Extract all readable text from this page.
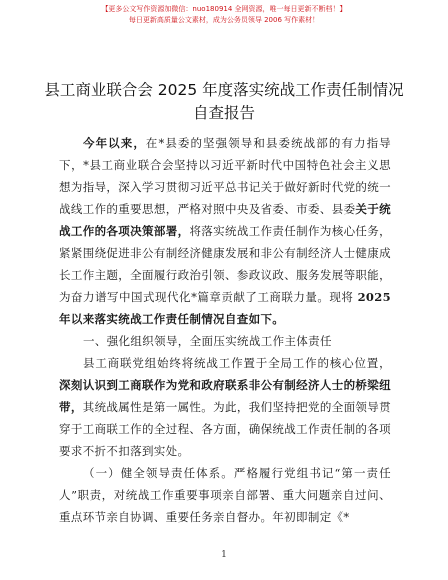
【更多公文写作资源加微信：nuo180914 全网资源，唯一每日更新不断档！】
每日更新高质量公文素材，成为公务员领导 2006 写作素材！
县工商业联合会 2025 年度落实统战工作责任制情况自查报告

今年以来，在*县委的坚强领导和县委统战部的有力指导下，*县工商业联合会坚持以习近平新时代中国特色社会主义思想为指导，深入学习贯彻习近平总书记关于做好新时代党的统一战线工作的重要思想，严格对照中央及省委、市委、县委关于统战工作的各项决策部署，将落实统战工作责任制作为核心任务，紧紧围绕促进非公有制经济健康发展和非公有制经济人士健康成长工作主题，全面履行政治引领、参政议政、服务发展等职能，为奋力谱写中国式现代化*篇章贡献了工商联力量。现将 2025 年以来落实统战工作责任制情况自查如下。

一、强化组织领导，全面压实统战工作主体责任

县工商联党组始终将统战工作置于全局工作的核心位置，深刻认识到工商联作为党和政府联系非公有制经济人士的桥梁纽带，其统战属性是第一属性。为此，我们坚持把党的全面领导贯穿于工商联工作的全过程、各方面，确保统战工作责任制的各项要求不折不扣落到实处。

（一）健全领导责任体系。严格履行党组书记“第一责任人”职责，对统战工作重要事项亲自部署、重大问题亲自过问、重点环节亲自协调、重要任务亲自督办。年初即制定《*

1
